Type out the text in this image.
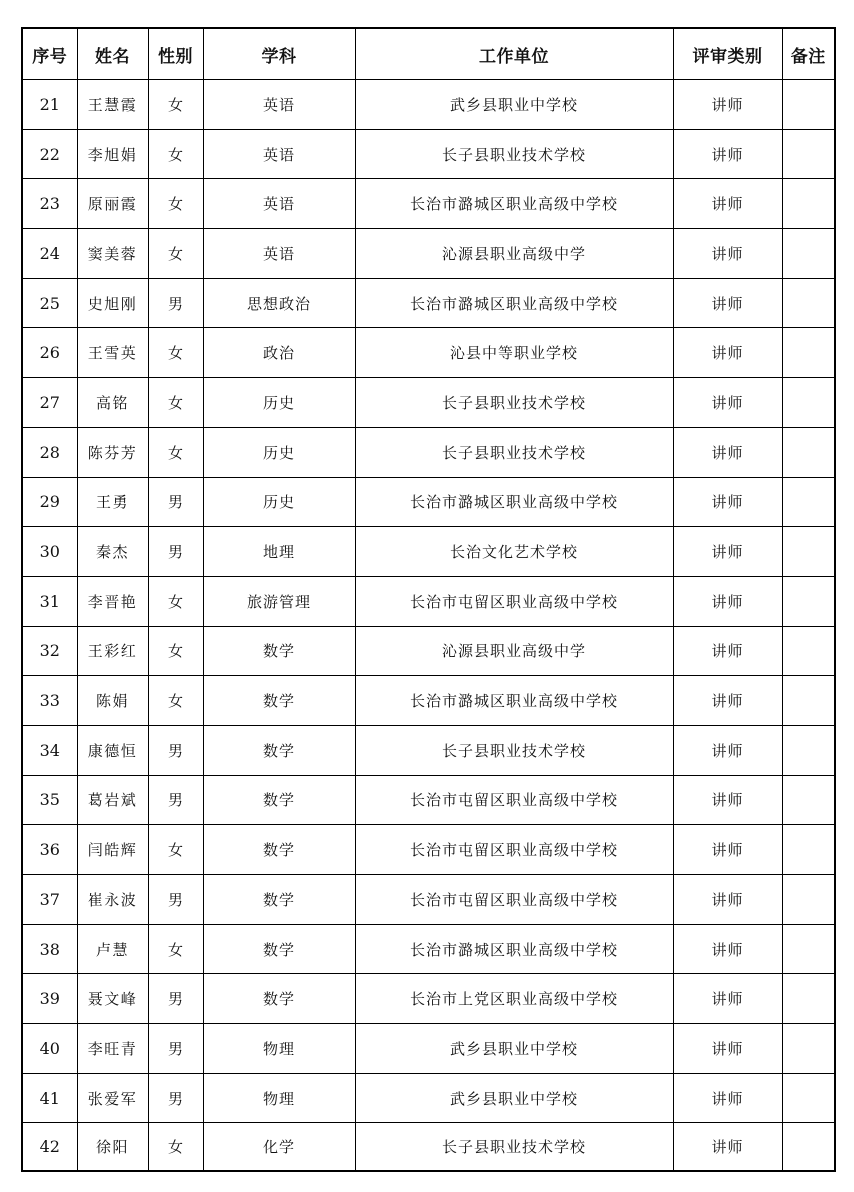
序号	姓名	性别	学科	工作单位	评审类别	备注
21	王慧霞	女	英语	武乡县职业中学校	讲师	
22	李旭娟	女	英语	长子县职业技术学校	讲师	
23	原丽霞	女	英语	长治市潞城区职业高级中学校	讲师	
24	窦美蓉	女	英语	沁源县职业高级中学	讲师	
25	史旭刚	男	思想政治	长治市潞城区职业高级中学校	讲师	
26	王雪英	女	政治	沁县中等职业学校	讲师	
27	高铭	女	历史	长子县职业技术学校	讲师	
28	陈芬芳	女	历史	长子县职业技术学校	讲师	
29	王勇	男	历史	长治市潞城区职业高级中学校	讲师	
30	秦杰	男	地理	长治文化艺术学校	讲师	
31	李晋艳	女	旅游管理	长治市屯留区职业高级中学校	讲师	
32	王彩红	女	数学	沁源县职业高级中学	讲师	
33	陈娟	女	数学	长治市潞城区职业高级中学校	讲师	
34	康德恒	男	数学	长子县职业技术学校	讲师	
35	葛岩斌	男	数学	长治市屯留区职业高级中学校	讲师	
36	闫皓辉	女	数学	长治市屯留区职业高级中学校	讲师	
37	崔永波	男	数学	长治市屯留区职业高级中学校	讲师	
38	卢慧	女	数学	长治市潞城区职业高级中学校	讲师	
39	聂文峰	男	数学	长治市上党区职业高级中学校	讲师	
40	李旺青	男	物理	武乡县职业中学校	讲师	
41	张爱军	男	物理	武乡县职业中学校	讲师	
42	徐阳	女	化学	长子县职业技术学校	讲师	
